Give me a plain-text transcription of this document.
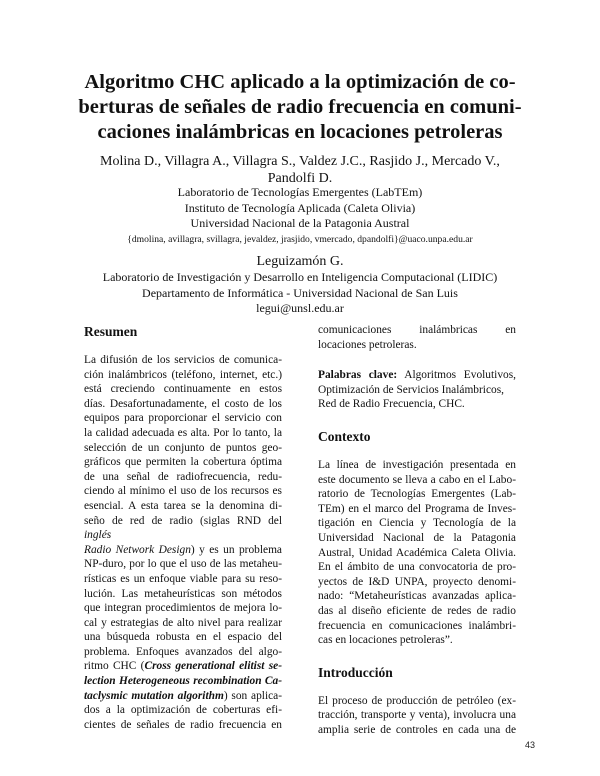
Algoritmo CHC aplicado a la optimización de co-
berturas de señales de radio frecuencia en comuni-
caciones inalámbricas en locaciones petroleras
Molina D., Villagra A., Villagra S., Valdez J.C., Rasjido J., Mercado V.,
Pandolfi D.
Laboratorio de Tecnologías Emergentes (LabTEm)
Instituto de Tecnología Aplicada (Caleta Olivia)
Universidad Nacional de la Patagonia Austral
{dmolina, avillagra, svillagra, jevaldez, jrasjido, vmercado, dpandolfi}@uaco.unpa.edu.ar
Leguizamón G.
Laboratorio de Investigación y Desarrollo en Inteligencia Computacional (LIDIC)
Departamento de Informática - Universidad Nacional de San Luis
legui@unsl.edu.ar
Resumen

La difusión de los servicios de comunica-
ción inalámbricos (teléfono, internet, etc.)
está creciendo continuamente en estos
días. Desafortunadamente, el costo de los
equipos para proporcionar el servicio con
la calidad adecuada es alta. Por lo tanto, la
selección de un conjunto de puntos geo-
gráficos que permiten la cobertura óptima
de una señal de radiofrecuencia, redu-
ciendo al mínimo el uso de los recursos es
esencial. A esta tarea se la denomina di-
seño de red de radio (siglas RND del inglés
Radio Network Design) y es un problema
NP-duro, por lo que el uso de las metaheu-
rísticas es un enfoque viable para su reso-
lución. Las metaheurísticas son métodos
que integran procedimientos de mejora lo-
cal y estrategias de alto nivel para realizar
una búsqueda robusta en el espacio del
problema. Enfoques avanzados del algo-
ritmo CHC (Cross generational elitist se-
lection Heterogeneous recombination Ca-
taclysmic mutation algorithm) son aplica-
dos a la optimización de coberturas efi-
cientes de señales de radio frecuencia en

comunicaciones inalámbricas en
locaciones petroleras.

Palabras clave: Algoritmos Evolutivos,
Optimización de Servicios Inalámbricos,
Red de Radio Frecuencia, CHC.

Contexto

La línea de investigación presentada en
este documento se lleva a cabo en el Labo-
ratorio de Tecnologías Emergentes (Lab-
TEm) en el marco del Programa de Inves-
tigación en Ciencia y Tecnología de la
Universidad Nacional de la Patagonia
Austral, Unidad Académica Caleta Olivia.
En el ámbito de una convocatoria de pro-
yectos de I&D UNPA, proyecto denomi-
nado: “Metaheurísticas avanzadas aplica-
das al diseño eficiente de redes de radio
frecuencia en comunicaciones inalámbri-
cas en locaciones petroleras”.

Introducción

El proceso de producción de petróleo (ex-
tracción, transporte y venta), involucra una
amplia serie de controles en cada una de

43
